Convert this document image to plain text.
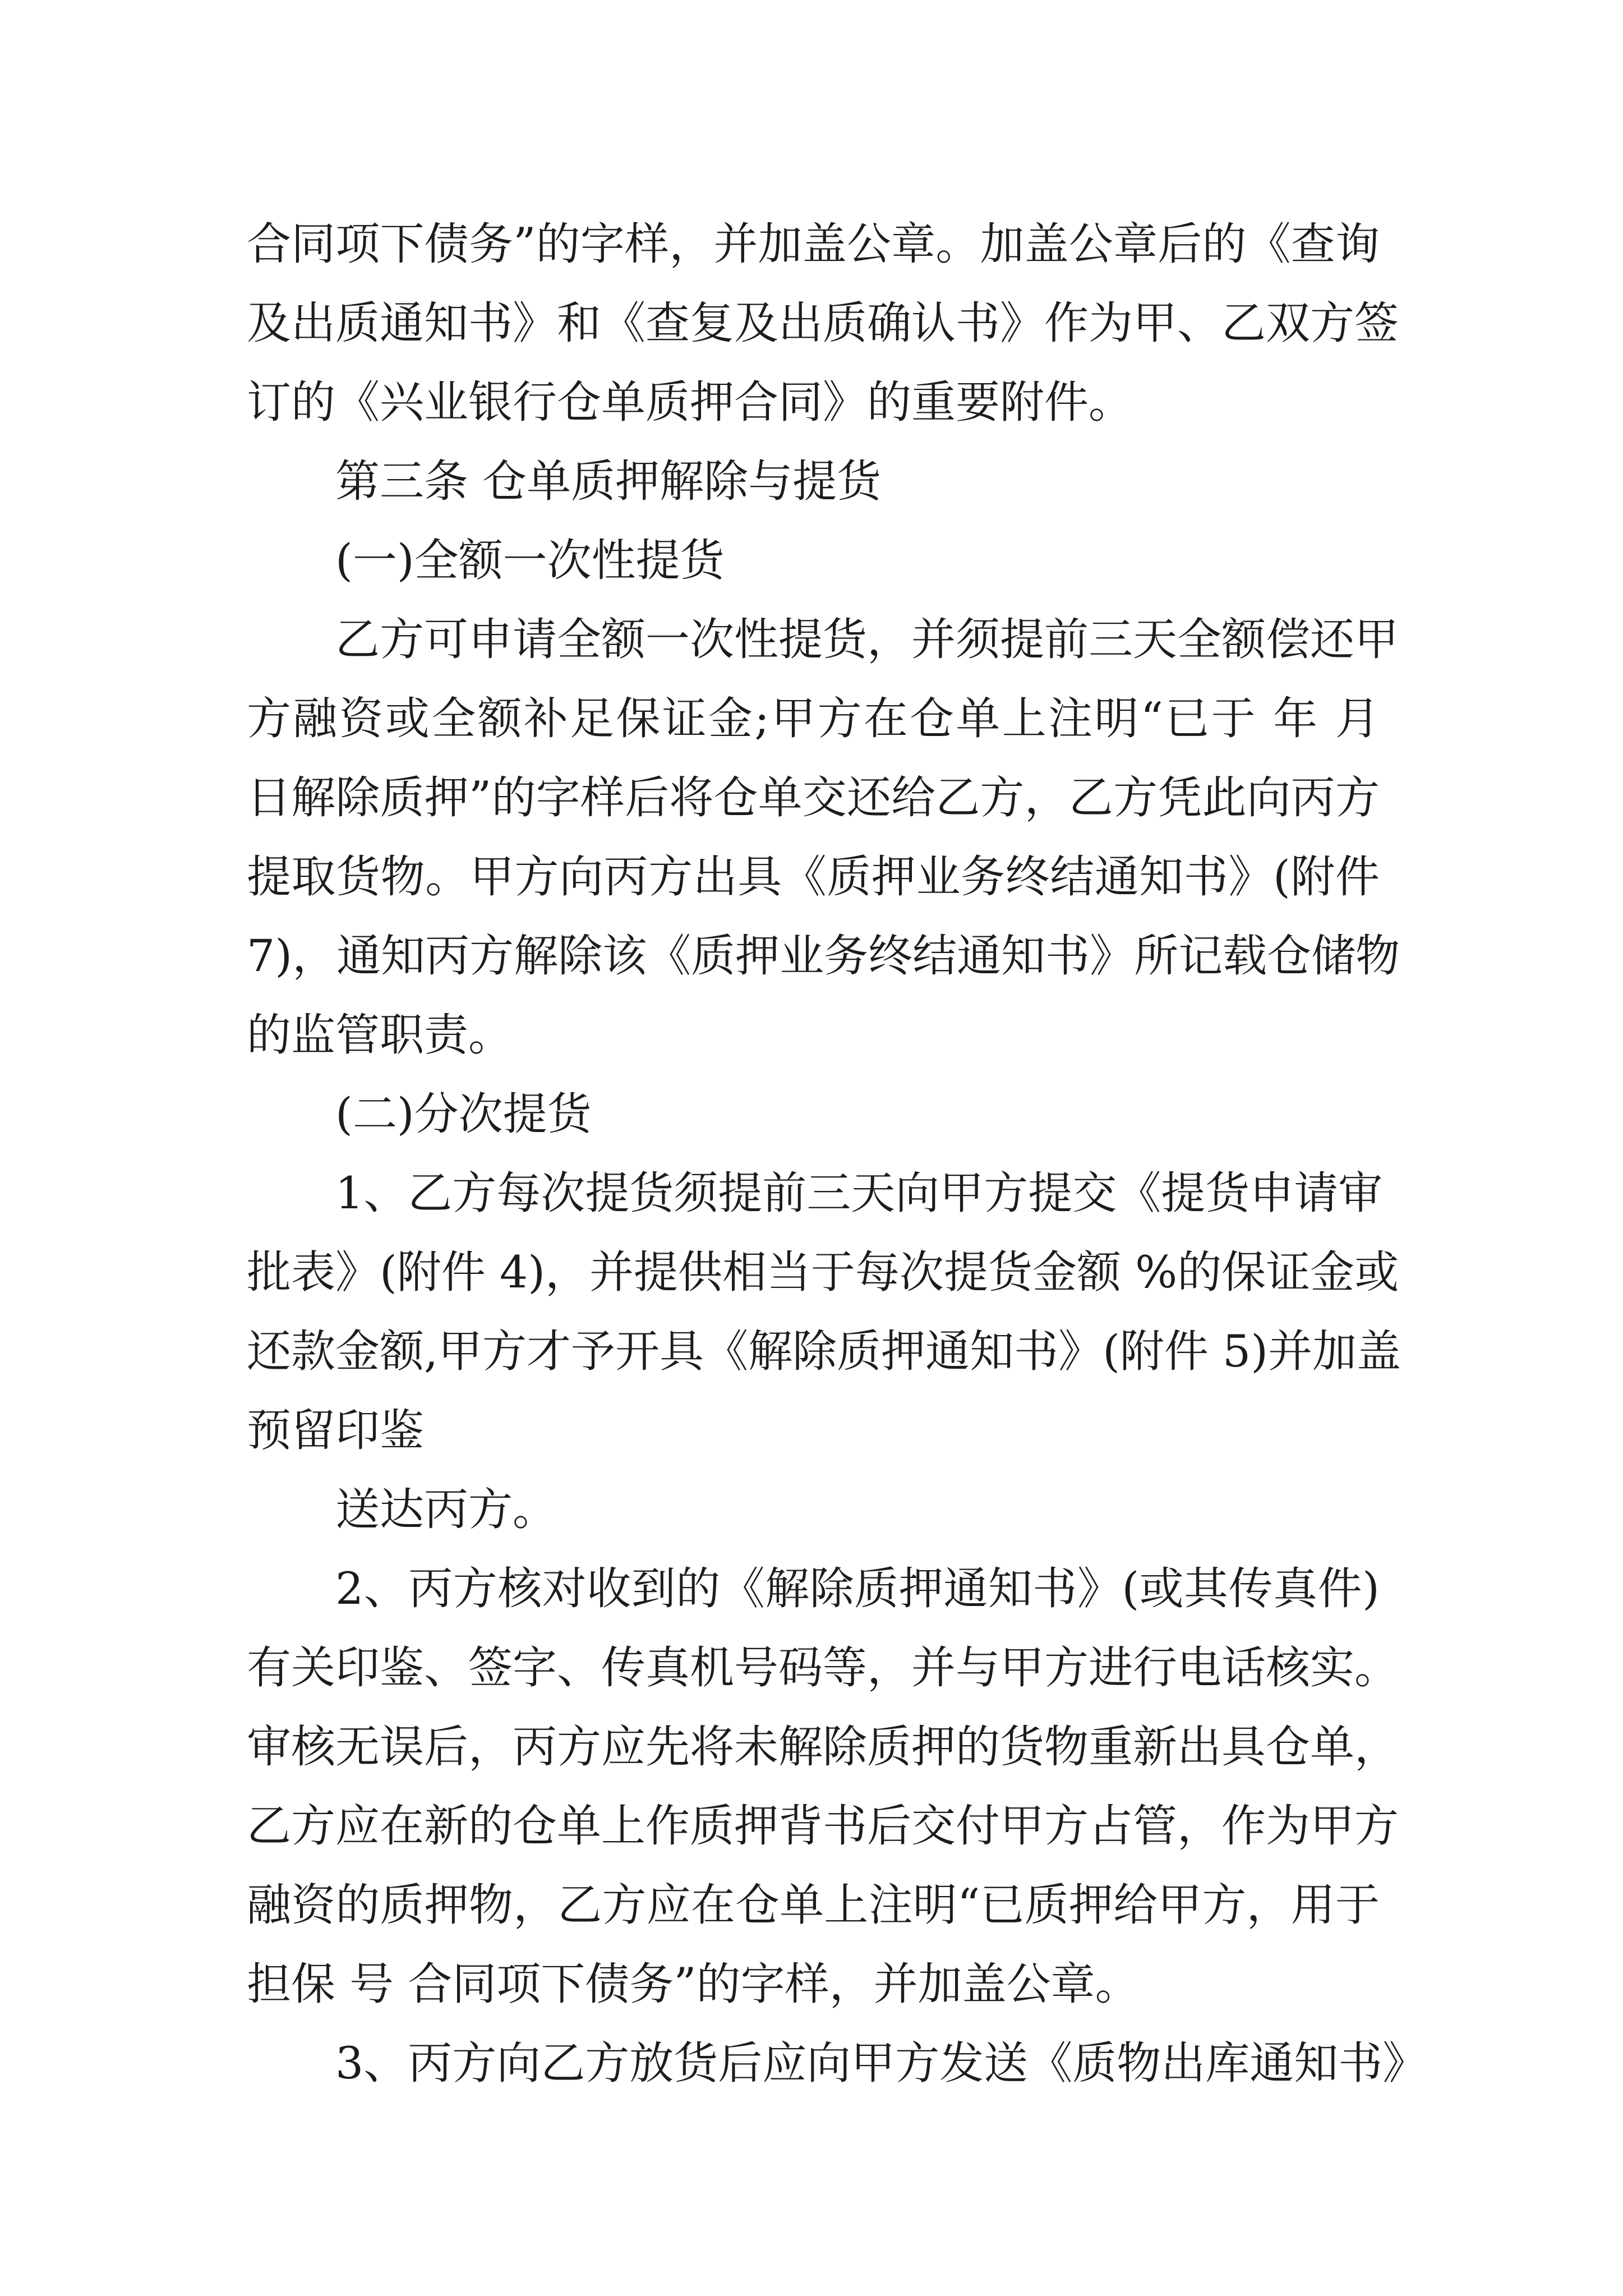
合同项下债务”的字样，并加盖公章。加盖公章后的《查询
及出质通知书》和《查复及出质确认书》作为甲、乙双方签
订的《兴业银行仓单质押合同》的重要附件。
第三条 仓单质押解除与提货
(一)全额一次性提货
乙方可申请全额一次性提货，并须提前三天全额偿还甲
方融资或全额补足保证金;甲方在仓单上注明“已于 年 月
日解除质押”的字样后将仓单交还给乙方，乙方凭此向丙方
提取货物。甲方向丙方出具《质押业务终结通知书》(附件
7)，通知丙方解除该《质押业务终结通知书》所记载仓储物
的监管职责。
(二)分次提货
1、乙方每次提货须提前三天向甲方提交《提货申请审
批表》(附件 4)，并提供相当于每次提货金额 %的保证金或
还款金额,甲方才予开具《解除质押通知书》(附件 5)并加盖
预留印鉴
送达丙方。
2、丙方核对收到的《解除质押通知书》(或其传真件)
有关印鉴、签字、传真机号码等，并与甲方进行电话核实。
审核无误后，丙方应先将未解除质押的货物重新出具仓单，
乙方应在新的仓单上作质押背书后交付甲方占管，作为甲方
融资的质押物，乙方应在仓单上注明“已质押给甲方，用于
担保 号 合同项下债务”的字样，并加盖公章。
3、丙方向乙方放货后应向甲方发送《质物出库通知书》
